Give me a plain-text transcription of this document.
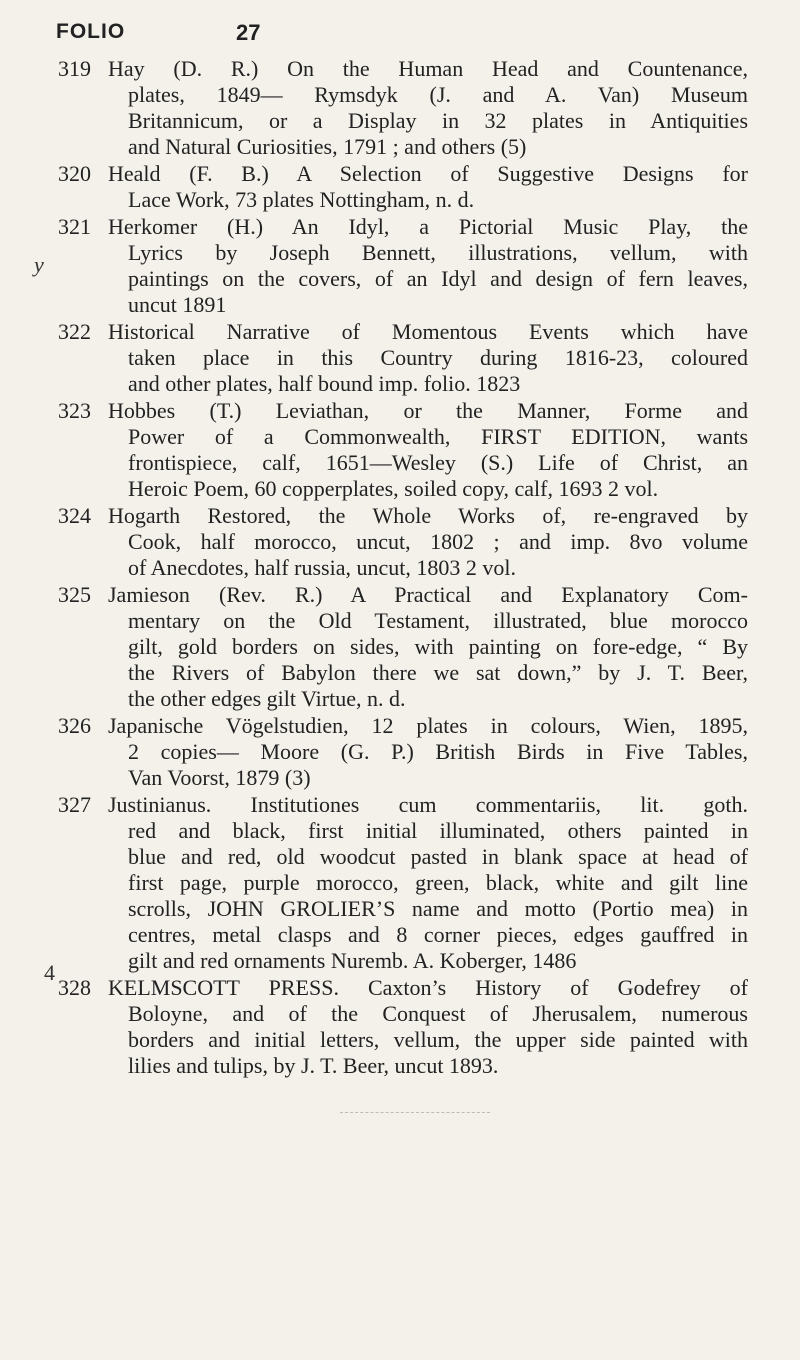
FOLIO	27
y
4
319 Hay (D. R.) On the Human Head and Countenance,
plates, 1849— Rymsdyk (J. and A. Van) Museum
Britannicum, or a Display in 32 plates in Antiquities
and Natural Curiosities, 1791 ; and others (5)
320 Heald (F. B.) A Selection of Suggestive Designs for
Lace Work, 73 plates Nottingham, n. d.
321 Herkomer (H.) An Idyl, a Pictorial Music Play, the
Lyrics by Joseph Bennett, illustrations, vellum, with
paintings on the covers, of an Idyl and design of fern leaves,
uncut 1891
322 Historical Narrative of Momentous Events which have
taken place in this Country during 1816-23, coloured
and other plates, half bound imp. folio. 1823
323 Hobbes (T.) Leviathan, or the Manner, Forme and
Power of a Commonwealth, FIRST EDITION, wants
frontispiece, calf, 1651—Wesley (S.) Life of Christ, an
Heroic Poem, 60 copperplates, soiled copy, calf, 1693 2 vol.
324 Hogarth Restored, the Whole Works of, re-engraved by
Cook, half morocco, uncut, 1802 ; and imp. 8vo volume
of Anecdotes, half russia, uncut, 1803 2 vol.
325 Jamieson (Rev. R.) A Practical and Explanatory Com-
mentary on the Old Testament, illustrated, blue morocco
gilt, gold borders on sides, with painting on fore-edge, “ By
the Rivers of Babylon there we sat down,” by J. T. Beer,
the other edges gilt Virtue, n. d.
326 Japanische Vögelstudien, 12 plates in colours, Wien, 1895,
2 copies— Moore (G. P.) British Birds in Five Tables,
Van Voorst, 1879 (3)
327 Justinianus. Institutiones cum commentariis, lit. goth.
red and black, first initial illuminated, others painted in
blue and red, old woodcut pasted in blank space at head of
first page, purple morocco, green, black, white and gilt line
scrolls, JOHN GROLIER’S name and motto (Portio mea) in
centres, metal clasps and 8 corner pieces, edges gauffred in
gilt and red ornaments Nuremb. A. Koberger, 1486
328 KELMSCOTT PRESS. Caxton’s History of Godefrey of
Boloyne, and of the Conquest of Jherusalem, numerous
borders and initial letters, vellum, the upper side painted with
lilies and tulips, by J. T. Beer, uncut 1893.
